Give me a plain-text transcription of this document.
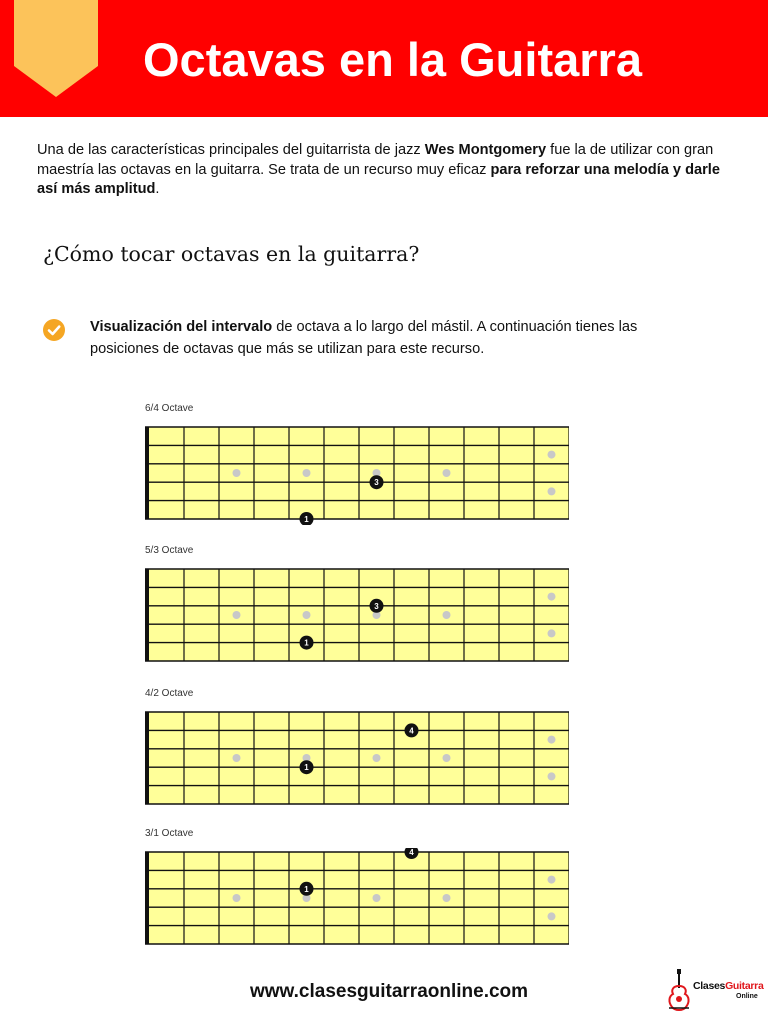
Octavas en la Guitarra

Una de las características principales del guitarrista de jazz Wes Montgomery fue la de utilizar con gran maestría las octavas en la guitarra. Se trata de un recurso muy eficaz para reforzar una melodía y darle así más amplitud.

¿Cómo tocar octavas en la guitarra?

Visualización del intervalo de octava a lo largo del mástil. A continuación tienes las posiciones de octavas que más se utilizan para este recurso.

6/4 Octave
1
3
5/3 Octave
1
3
4/2 Octave
1
4
3/1 Octave
1
4
www.clasesguitarraonline.com	ClasesGuitarra
Online
